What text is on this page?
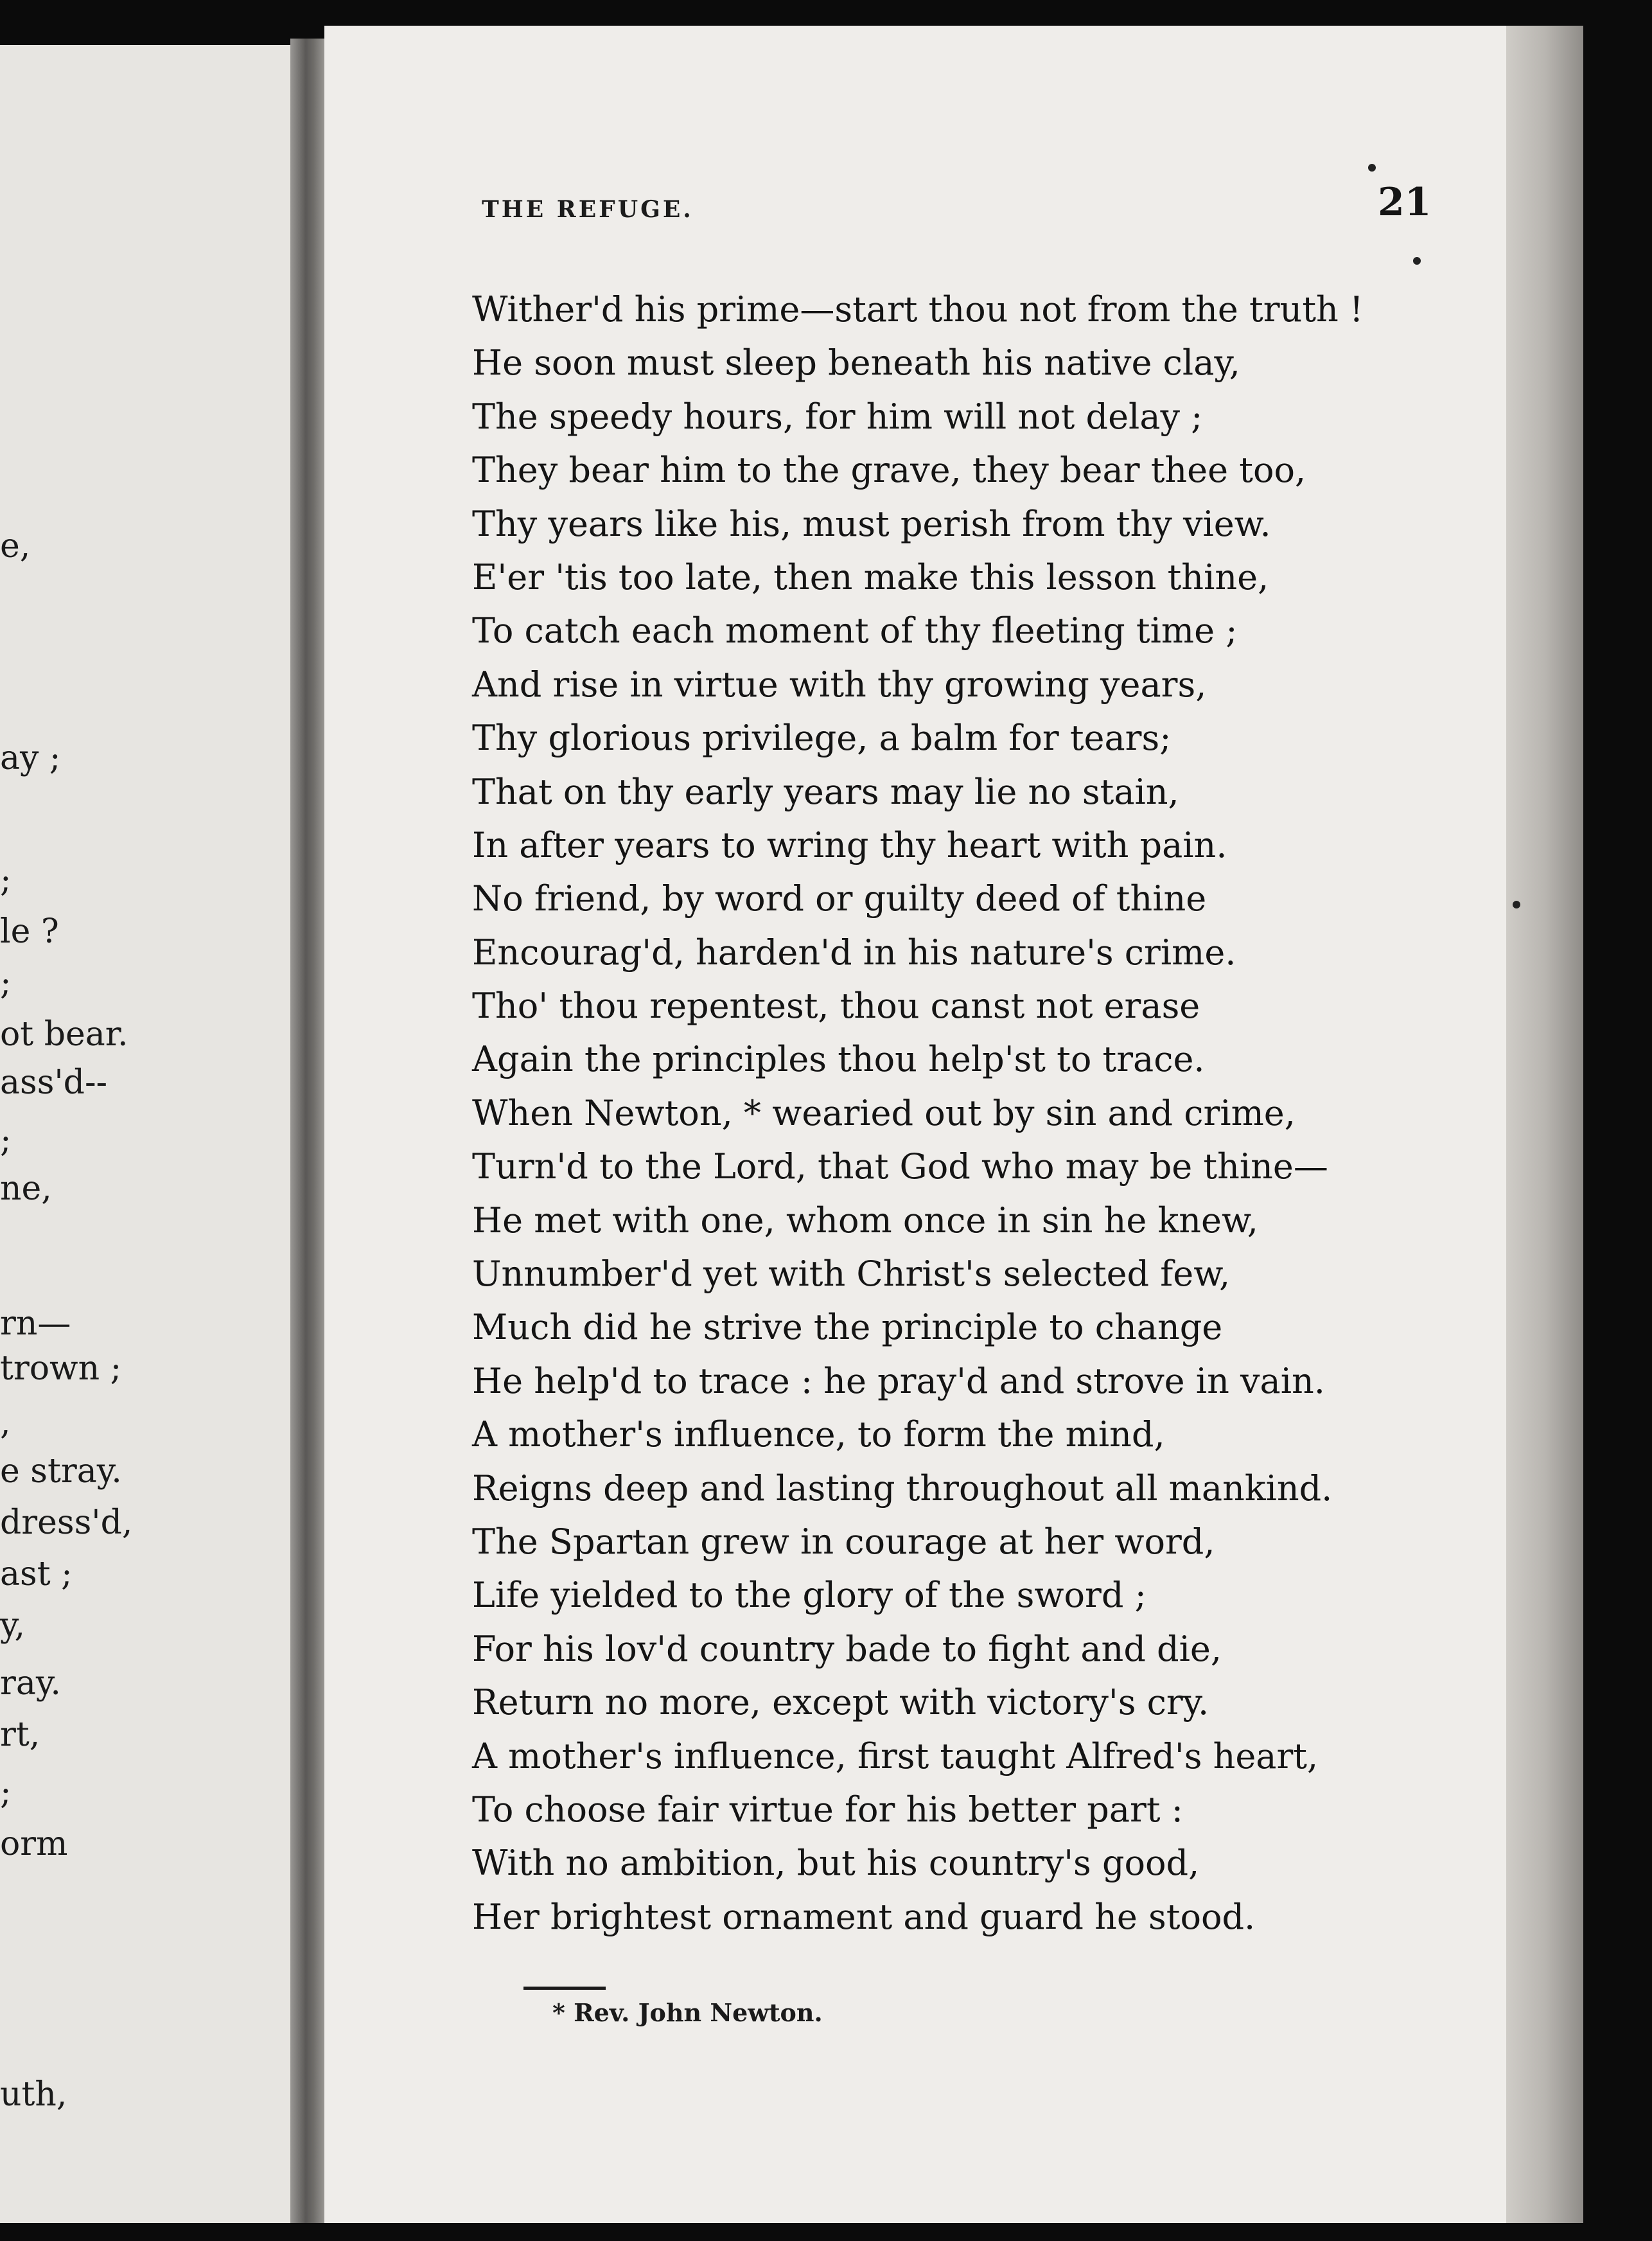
e,
ay ;
;
le ?
;
ot bear.
ass'd--
;
ne,
rn—
trown ;
,
e stray.
dress'd,
ast ;
y,
ray.
rt,
;
orm
uth,

THE REFUGE.	21
Wither'd his prime—start thou not from the truth !
He soon must sleep beneath his native clay,
The speedy hours, for him will not delay ;
They bear him to the grave, they bear thee too,
Thy years like his, must perish from thy view.
E'er 'tis too late, then make this lesson thine,
To catch each moment of thy fleeting time ;
And rise in virtue with thy growing years,
Thy glorious privilege, a balm for tears;
That on thy early years may lie no stain,
In after years to wring thy heart with pain.
No friend, by word or guilty deed of thine
Encourag'd, harden'd in his nature's crime.
Tho' thou repentest, thou canst not erase
Again the principles thou help'st to trace.
When Newton, * wearied out by sin and crime,
Turn'd to the Lord, that God who may be thine—
He met with one, whom once in sin he knew,
Unnumber'd yet with Christ's selected few,
Much did he strive the principle to change
He help'd to trace : he pray'd and strove in vain.
A mother's influence, to form the mind,
Reigns deep and lasting throughout all mankind.
The Spartan grew in courage at her word,
Life yielded to the glory of the sword ;
For his lov'd country bade to fight and die,
Return no more, except with victory's cry.
A mother's influence, first taught Alfred's heart,
To choose fair virtue for his better part :
With no ambition, but his country's good,
Her brightest ornament and guard he stood.
* Rev. John Newton.
